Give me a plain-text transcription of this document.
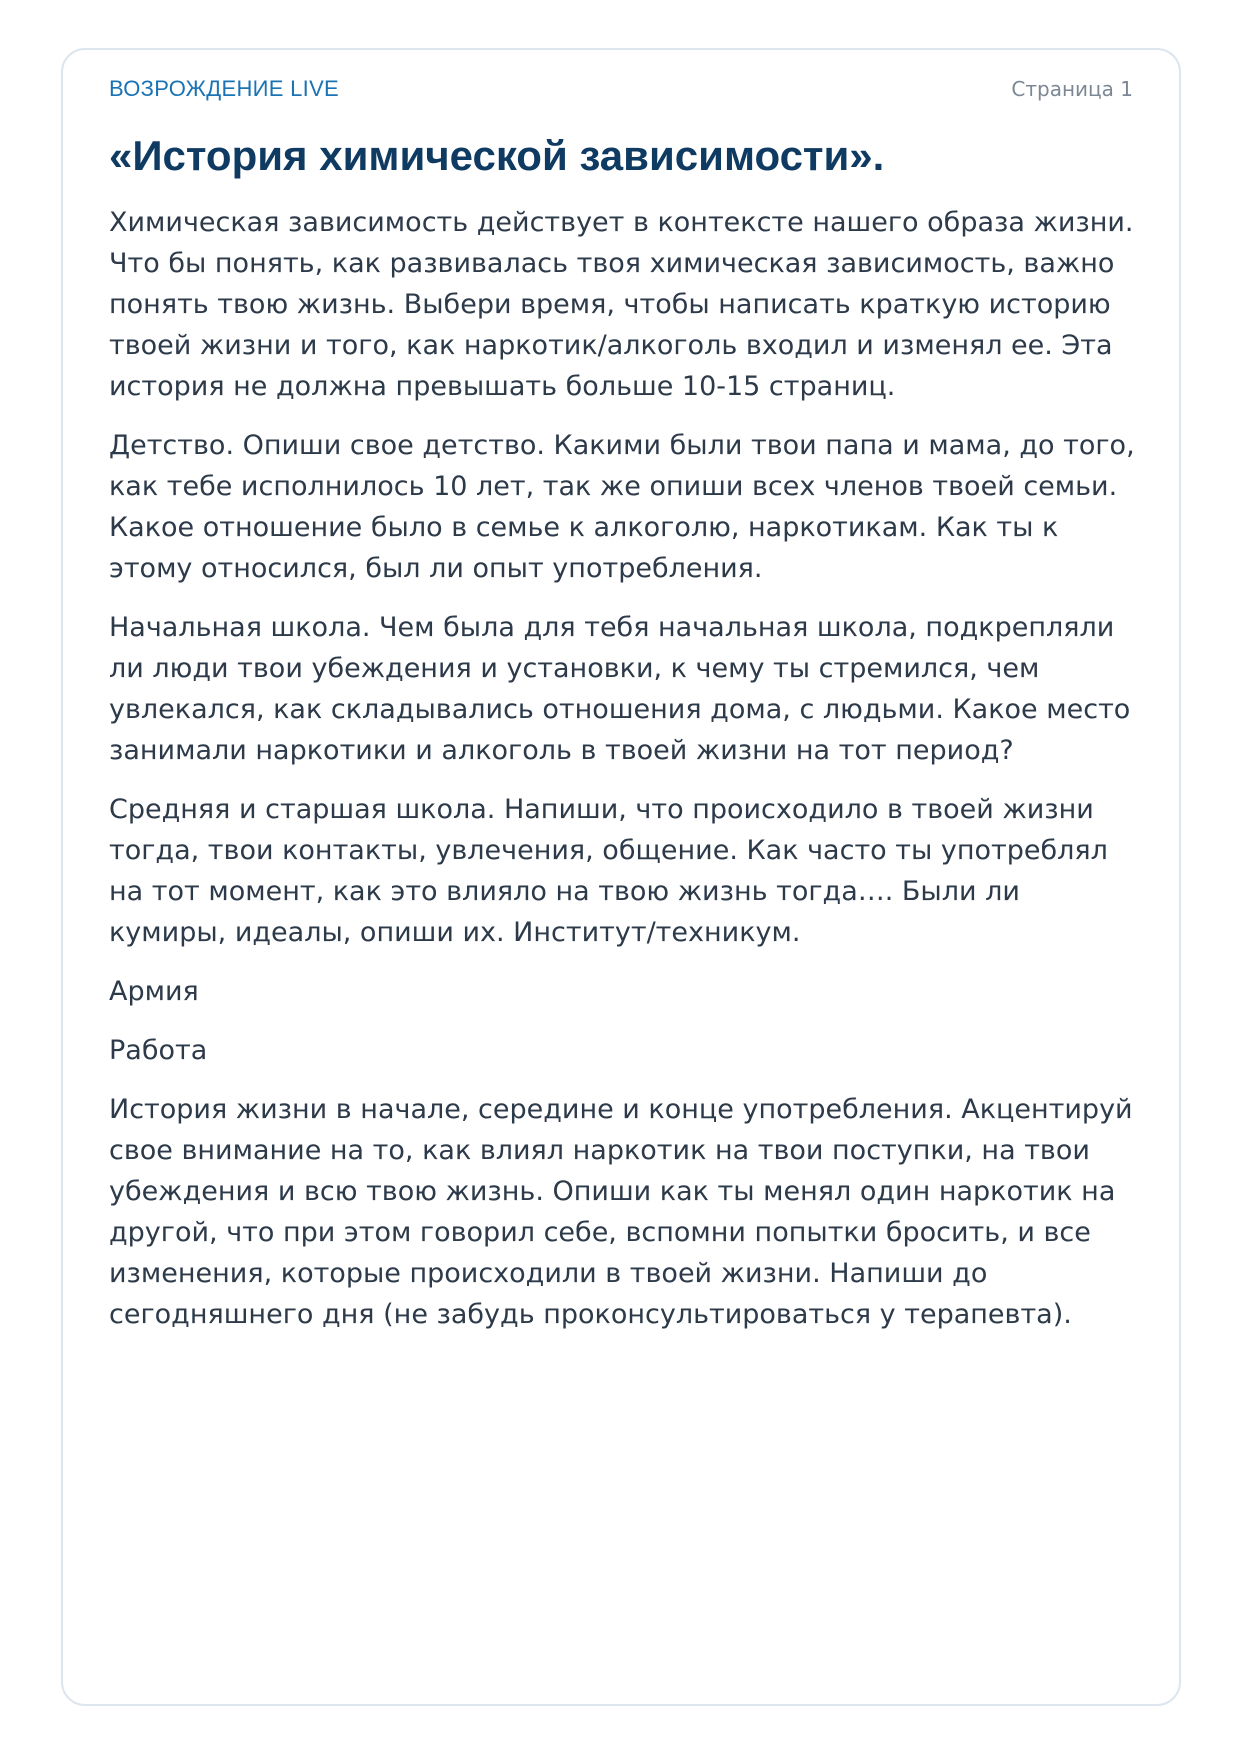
ВОЗРОЖДЕНИЕ LIVE	Страница 1
«История химической зависимости».

Химическая зависимость действует в контексте нашего образа жизни. Что бы понять, как развивалась твоя химическая зависимость, важно понять твою жизнь. Выбери время, чтобы написать краткую историю твоей жизни и того, как наркотик/алкоголь входил и изменял ее. Эта история не должна превышать больше 10-15 страниц.

Детство. Опиши свое детство. Какими были твои папа и мама, до того, как тебе исполнилось 10 лет, так же опиши всех членов твоей семьи. Какое отношение было в семье к алкоголю, наркотикам. Как ты к этому относился, был ли опыт употребления.

Начальная школа. Чем была для тебя начальная школа, подкрепляли ли люди твои убеждения и установки, к чему ты стремился, чем увлекался, как складывались отношения дома, с людьми. Какое место занимали наркотики и алкоголь в твоей жизни на тот период?

Средняя и старшая школа. Напиши, что происходило в твоей жизни тогда, твои контакты, увлечения, общение. Как часто ты употреблял на тот момент, как это влияло на твою жизнь тогда…. Были ли кумиры, идеалы, опиши их. Институт/техникум.

Армия

Работа

История жизни в начале, середине и конце употребления. Акцентируй свое внимание на то, как влиял наркотик на твои поступки, на твои убеждения и всю твою жизнь. Опиши как ты менял один наркотик на другой, что при этом говорил себе, вспомни попытки бросить, и все изменения, которые происходили в твоей жизни. Напиши до сегодняшнего дня (не забудь проконсультироваться у терапевта).
